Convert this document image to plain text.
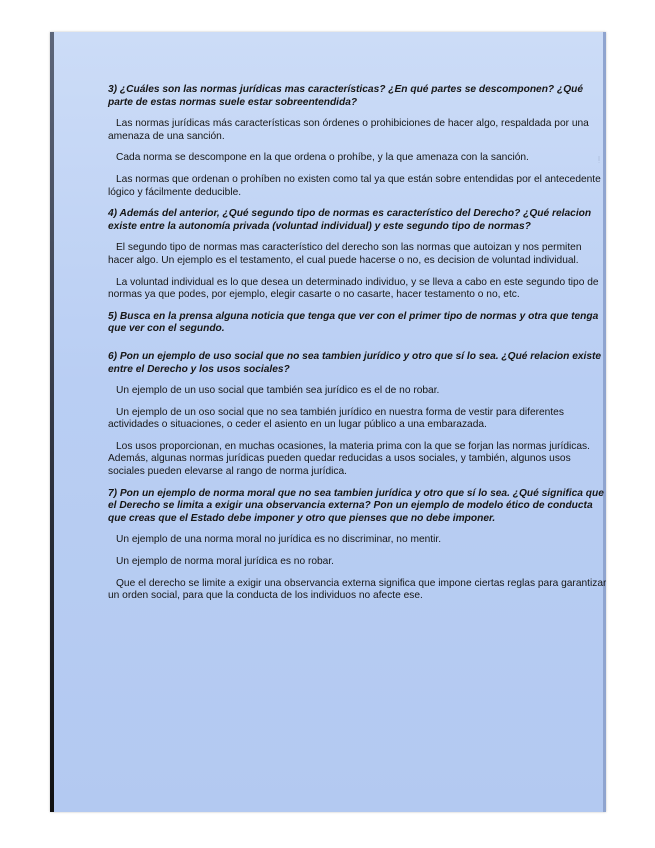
ᴉ

3) ¿Cuáles son las normas jurídicas mas características? ¿En qué partes se descomponen? ¿Qué parte de estas normas suele estar sobreentendida?

Las normas jurídicas más características son órdenes o prohibiciones de hacer algo, respaldada por una amenaza de una sanción.

Cada norma se descompone en la que ordena o prohíbe, y la que amenaza con la sanción.

Las normas que ordenan o prohíben no existen como tal ya que están sobre entendidas por el antecedente lógico y fácilmente deducible.

4) Además del anterior, ¿Qué segundo tipo de normas es característico del Derecho? ¿Qué relacion existe entre la autonomía privada (voluntad individual) y este segundo tipo de normas?

El segundo tipo de normas mas característico del derecho son las normas que autoizan y nos permiten hacer algo. Un ejemplo es el testamento, el cual puede hacerse o no, es decision de voluntad individual.

La voluntad individual es lo que desea un determinado individuo, y se lleva a cabo en este segundo tipo de normas ya que podes, por ejemplo, elegir casarte o no casarte, hacer testamento o no, etc.

5) Busca en la prensa alguna noticia que tenga que ver con el primer tipo de normas y otra que tenga que ver con el segundo.

6) Pon un ejemplo de uso social que no sea tambien jurídico y otro que sí lo sea. ¿Qué relacion existe entre el Derecho y los usos sociales?

Un ejemplo de un uso social que también sea jurídico es el de no robar.

Un ejemplo de un oso social que no sea también jurídico en nuestra forma de vestir para diferentes actividades o situaciones, o ceder el asiento en un lugar público a una embarazada.

Los usos proporcionan, en muchas ocasiones, la materia prima con la que se forjan las normas jurídicas. Además, algunas normas jurídicas pueden quedar reducidas a usos sociales, y también, algunos usos sociales pueden elevarse al rango de norma jurídica.

7) Pon un ejemplo de norma moral que no sea tambien jurídica y otro que sí lo sea. ¿Qué significa que el Derecho se limita a exigir una observancia externa? Pon un ejemplo de modelo ético de conducta que creas que el Estado debe imponer y otro que pienses que no debe imponer.

Un ejemplo de una norma moral no jurídica es no discriminar, no mentir.

Un ejemplo de norma moral jurídica es no robar.

Que el derecho se limite a exigir una observancia externa significa que impone ciertas reglas para garantizar un orden social, para que la conducta de los individuos no afecte ese.
